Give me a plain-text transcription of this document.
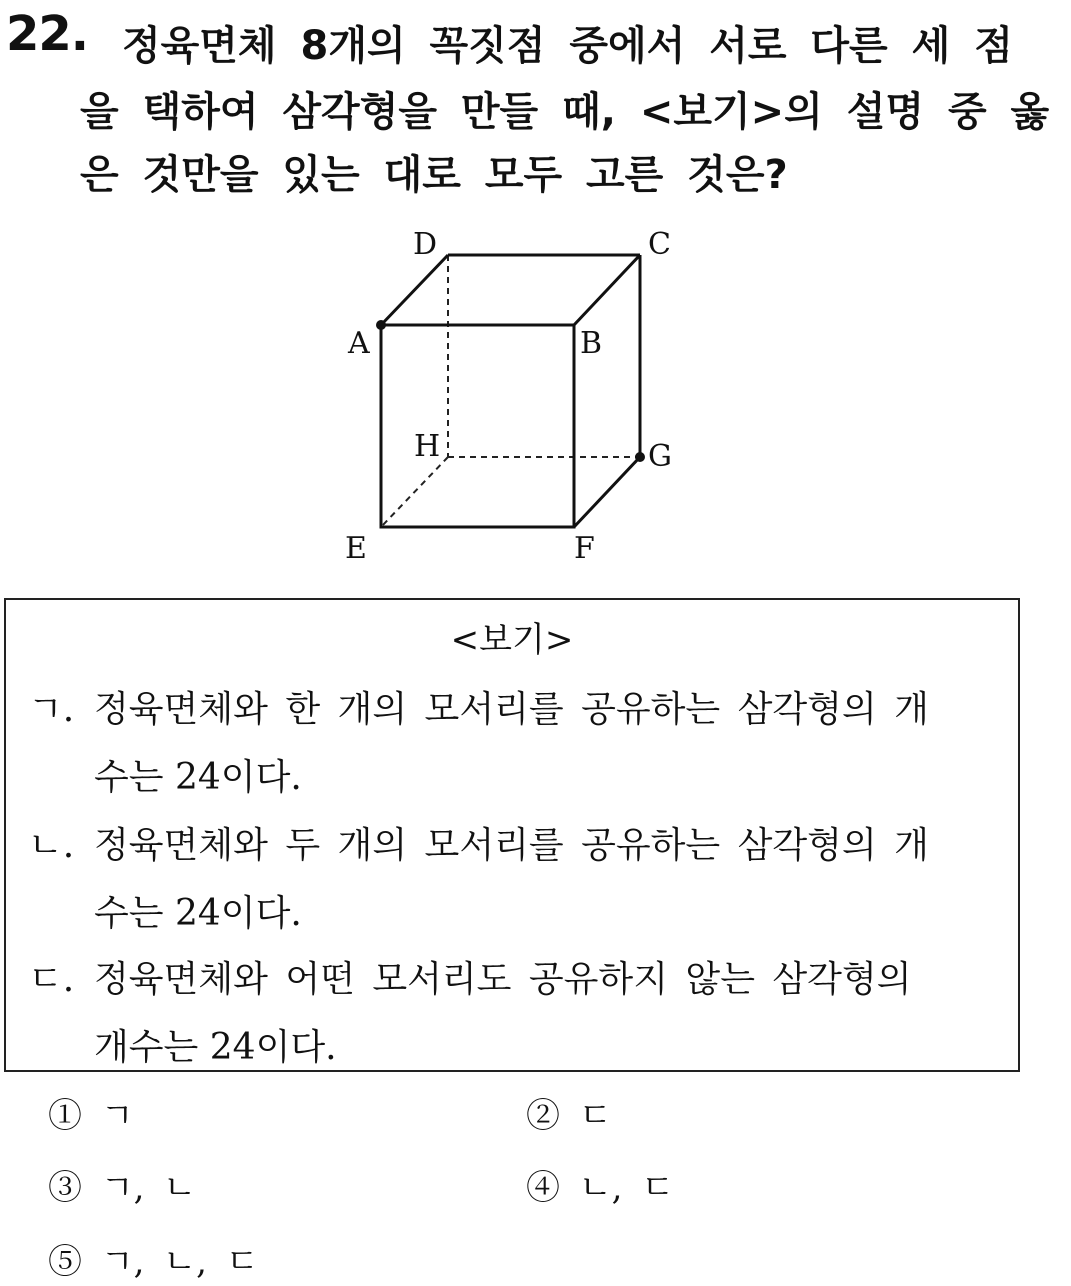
22. 정육면체 8개의 꼭짓점 중에서 서로 다른 세 점
을 택하여 삼각형을 만들 때, <보기>의 설명 중 옳
은 것만을 있는 대로 모두 고른 것은?
D	C
A	B
H	G
E	F
<보기>
ㄱ. 정육면체와 한 개의 모서리를 공유하는 삼각형의 개
수는 24이다.
ㄴ. 정육면체와 두 개의 모서리를 공유하는 삼각형의 개
수는 24이다.
ㄷ. 정육면체와 어떤 모서리도 공유하지 않는 삼각형의
개수는 24이다.
① ㄱ	② ㄷ
③ ㄱ, ㄴ	④ ㄴ, ㄷ
⑤ ㄱ, ㄴ, ㄷ
